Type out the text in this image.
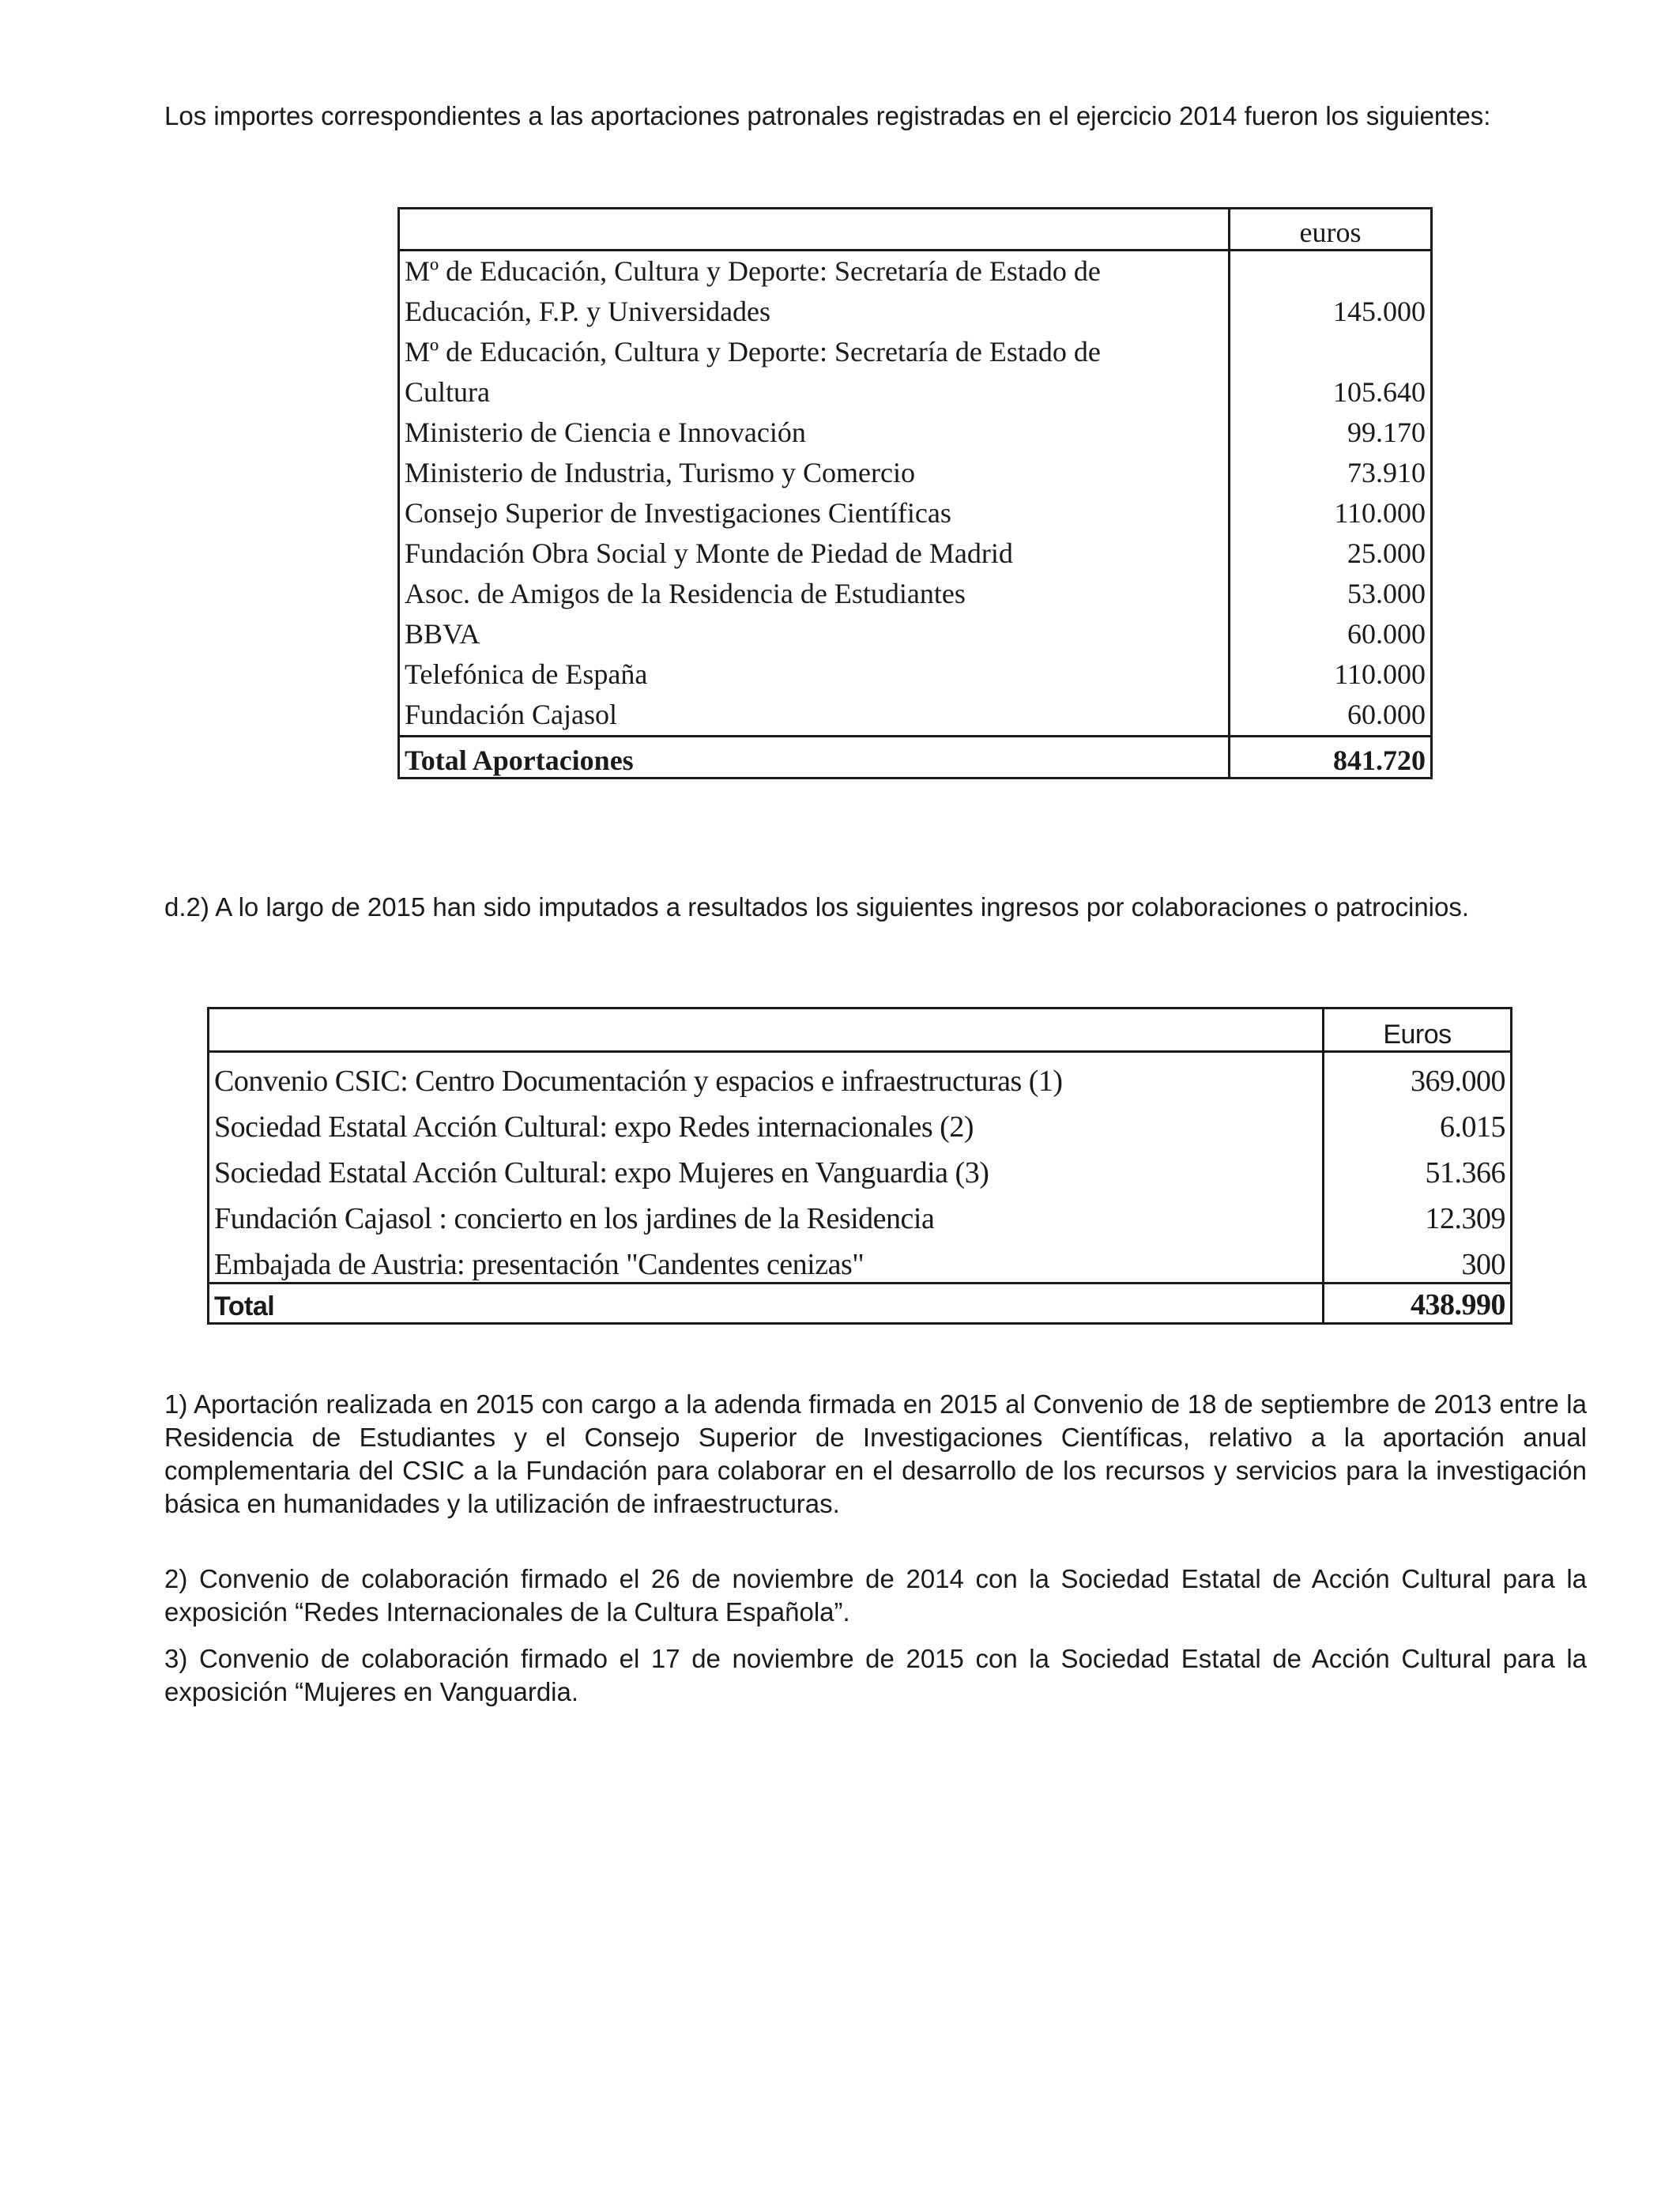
Los importes correspondientes a las aportaciones patronales registradas en el ejercicio 2014 fueron los siguientes:

	euros
Mº de Educación, Cultura y Deporte: Secretaría de Estado de	
Educación, F.P. y Universidades	145.000
Mº de Educación, Cultura y Deporte: Secretaría de Estado de	
Cultura	105.640
Ministerio de Ciencia e Innovación	99.170
Ministerio de Industria, Turismo y Comercio	73.910
Consejo Superior de Investigaciones Científicas	110.000
Fundación Obra Social y Monte de Piedad de Madrid	25.000
Asoc. de Amigos de la Residencia de Estudiantes	53.000
BBVA	60.000
Telefónica de España	110.000
Fundación Cajasol	60.000
Total Aportaciones	841.720

d.2) A lo largo de 2015 han sido imputados a resultados los siguientes ingresos por colaboraciones o patrocinios.

	Euros
Convenio CSIC: Centro Documentación y espacios e infraestructuras (1)	369.000
Sociedad Estatal Acción Cultural: expo Redes internacionales (2)	6.015
Sociedad Estatal Acción Cultural: expo Mujeres en Vanguardia (3)	51.366
Fundación Cajasol : concierto en los jardines de la Residencia	12.309
Embajada de Austria: presentación "Candentes cenizas"	300
Total	438.990

1) Aportación realizada en 2015 con cargo a la adenda firmada en 2015 al Convenio de 18 de septiembre de 2013 entre la Residencia de Estudiantes y el Consejo Superior de Investigaciones Científicas, relativo a la aportación anual complementaria del CSIC a la Fundación para colaborar en el desarrollo de los recursos y servicios para la investigación básica en humanidades y la utilización de infraestructuras.

2) Convenio de colaboración firmado el 26 de noviembre de 2014 con la Sociedad Estatal de Acción Cultural para la exposición “Redes Internacionales de la Cultura Española”.

3) Convenio de colaboración firmado el 17 de noviembre de 2015 con la Sociedad Estatal de Acción Cultural para la exposición “Mujeres en Vanguardia.
